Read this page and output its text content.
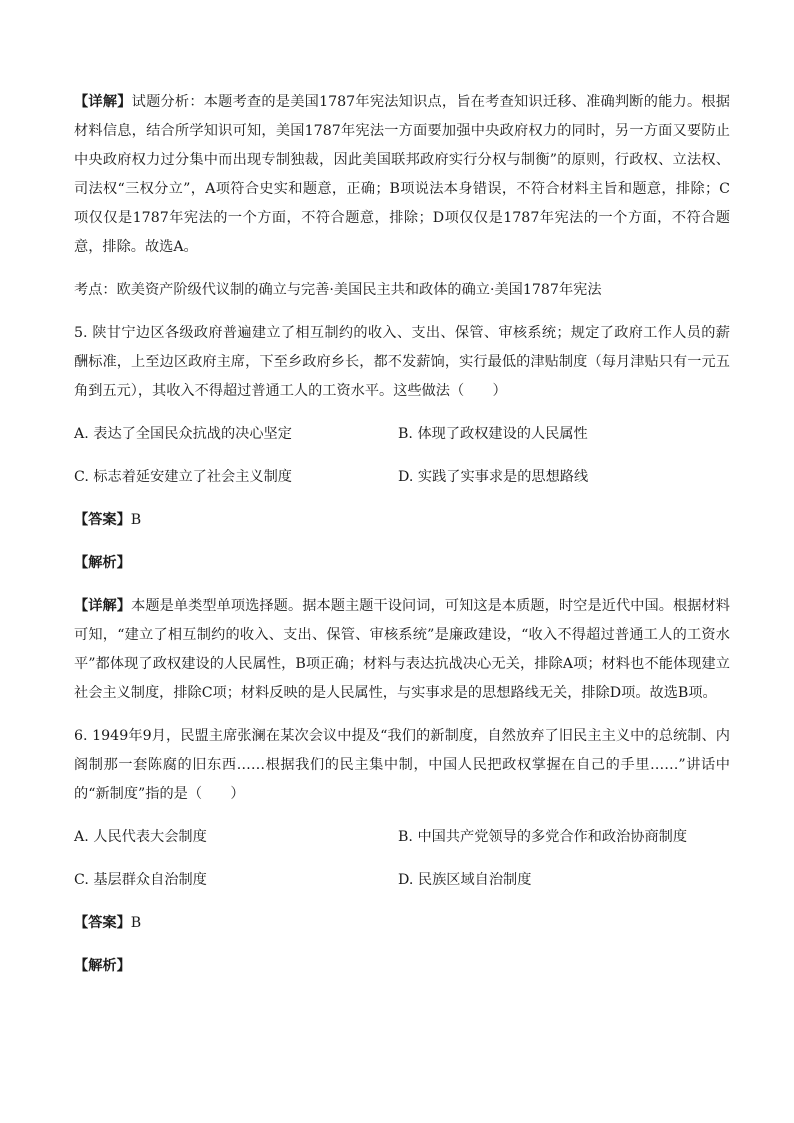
【详解】试题分析：本题考查的是美国1787年宪法知识点，旨在考查知识迁移、准确判断的能力。根据材料信息，结合所学知识可知，美国1787年宪法一方面要加强中央政府权力的同时，另一方面又要防止中央政府权力过分集中而出现专制独裁，因此美国联邦政府实行分权与制衡”的原则，行政权、立法权、司法权“三权分立”，A项符合史实和题意，正确；B项说法本身错误，不符合材料主旨和题意，排除；C项仅仅是1787年宪法的一个方面，不符合题意，排除；D项仅仅是1787年宪法的一个方面，不符合题意，排除。故选A。

考点：欧美资产阶级代议制的确立与完善·美国民主共和政体的确立·美国1787年宪法

5. 陕甘宁边区各级政府普遍建立了相互制约的收入、支出、保管、审核系统；规定了政府工作人员的薪酬标准，上至边区政府主席，下至乡政府乡长，都不发薪饷，实行最低的津贴制度（每月津贴只有一元五角到五元），其收入不得超过普通工人的工资水平。这些做法（　　）

A. 表达了全国民众抗战的决心坚定	B. 体现了政权建设的人民属性
C. 标志着延安建立了社会主义制度	D. 实践了实事求是的思想路线

【答案】B

【解析】

【详解】本题是单类型单项选择题。据本题主题干设问词，可知这是本质题，时空是近代中国。根据材料可知，“建立了相互制约的收入、支出、保管、审核系统”是廉政建设，“收入不得超过普通工人的工资水平”都体现了政权建设的人民属性，B项正确；材料与表达抗战决心无关，排除A项；材料也不能体现建立社会主义制度，排除C项；材料反映的是人民属性，与实事求是的思想路线无关，排除D项。故选B项。

6. 1949年9月，民盟主席张澜在某次会议中提及“我们的新制度，自然放弃了旧民主主义中的总统制、内阁制那一套陈腐的旧东西……根据我们的民主集中制，中国人民把政权掌握在自己的手里……”讲话中的“新制度”指的是（　　）

A. 人民代表大会制度	B. 中国共产党领导的多党合作和政治协商制度
C. 基层群众自治制度	D. 民族区域自治制度

【答案】B

【解析】
